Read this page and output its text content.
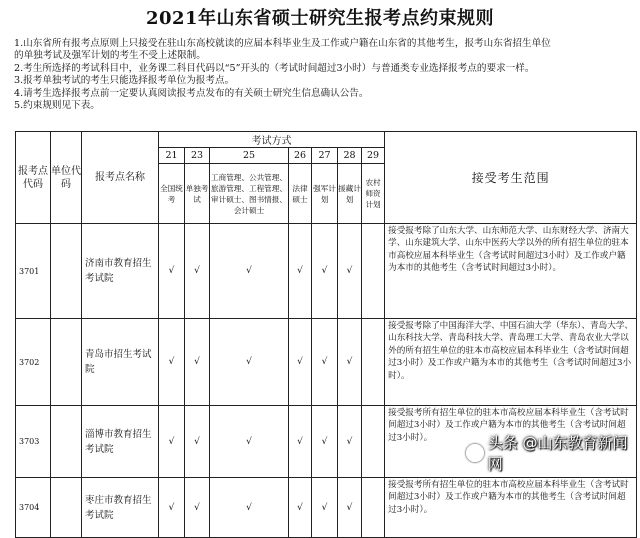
2021年山东省硕士研究生报考点约束规则

1.山东省所有报考点原则上只接受在驻山东高校就读的应届本科毕业生及工作或户籍在山东省的其他考生，报考山东省招生单位

的单独考试及强军计划的考生不受上述限制。

2.考生所选择的考试科目中，业务课二科目代码以“5”开头的（考试时间超过3小时）与普通类专业选择报考点的要求一样。

3.报考单独考试的考生只能选择报考单位为报考点。

4.请考生选择报考点前一定要认真阅读报考点发布的有关硕士研究生信息确认公告。

5.约束规则见下表。

报考点代码	单位代码	报考点名称	考试方式							接受考生范围
			21	23	25	26	27	28	29	
			全国统考	单独考试	工商管理、公共管理、旅游管理、工程管理、审计硕士、图书情报、会计硕士	法律硕士	强军计划	援藏计划	农村师资计划	
3701		济南市教育招生考试院	√	√	√	√	√	√		接受报考除了山东大学、山东师范大学、山东财经大学、济南大学、山东建筑大学、山东中医药大学以外的所有招生单位的驻本市高校应届本科毕业生（含考试时间超过3小时）及工作或户籍为本市的其他考生（含考试时间超过3小时）。
3702		青岛市招生考试院	√	√	√	√	√	√		接受报考除了中国海洋大学、中国石油大学（华东）、青岛大学、山东科技大学、青岛科技大学、青岛理工大学、青岛农业大学以外的所有招生单位的驻本市高校应届本科毕业生（含考试时间超过3小时）及工作或户籍为本市的其他考生（含考试时间超过3小时）。
3703		淄博市教育招生考试院	√	√	√	√	√	√		接受报考所有招生单位的驻本市高校应届本科毕业生（含考试时间超过3小时）及工作或户籍为本市的其他考生（含考试时间超过3小时）。
3704		枣庄市教育招生考试院	√	√	√	√	√	√		接受报考所有招生单位的驻本市高校应届本科毕业生（含考试时间超过3小时）及工作或户籍为本市的其他考生（含考试时间超过3小时）。
头条 @山东教育新闻网
